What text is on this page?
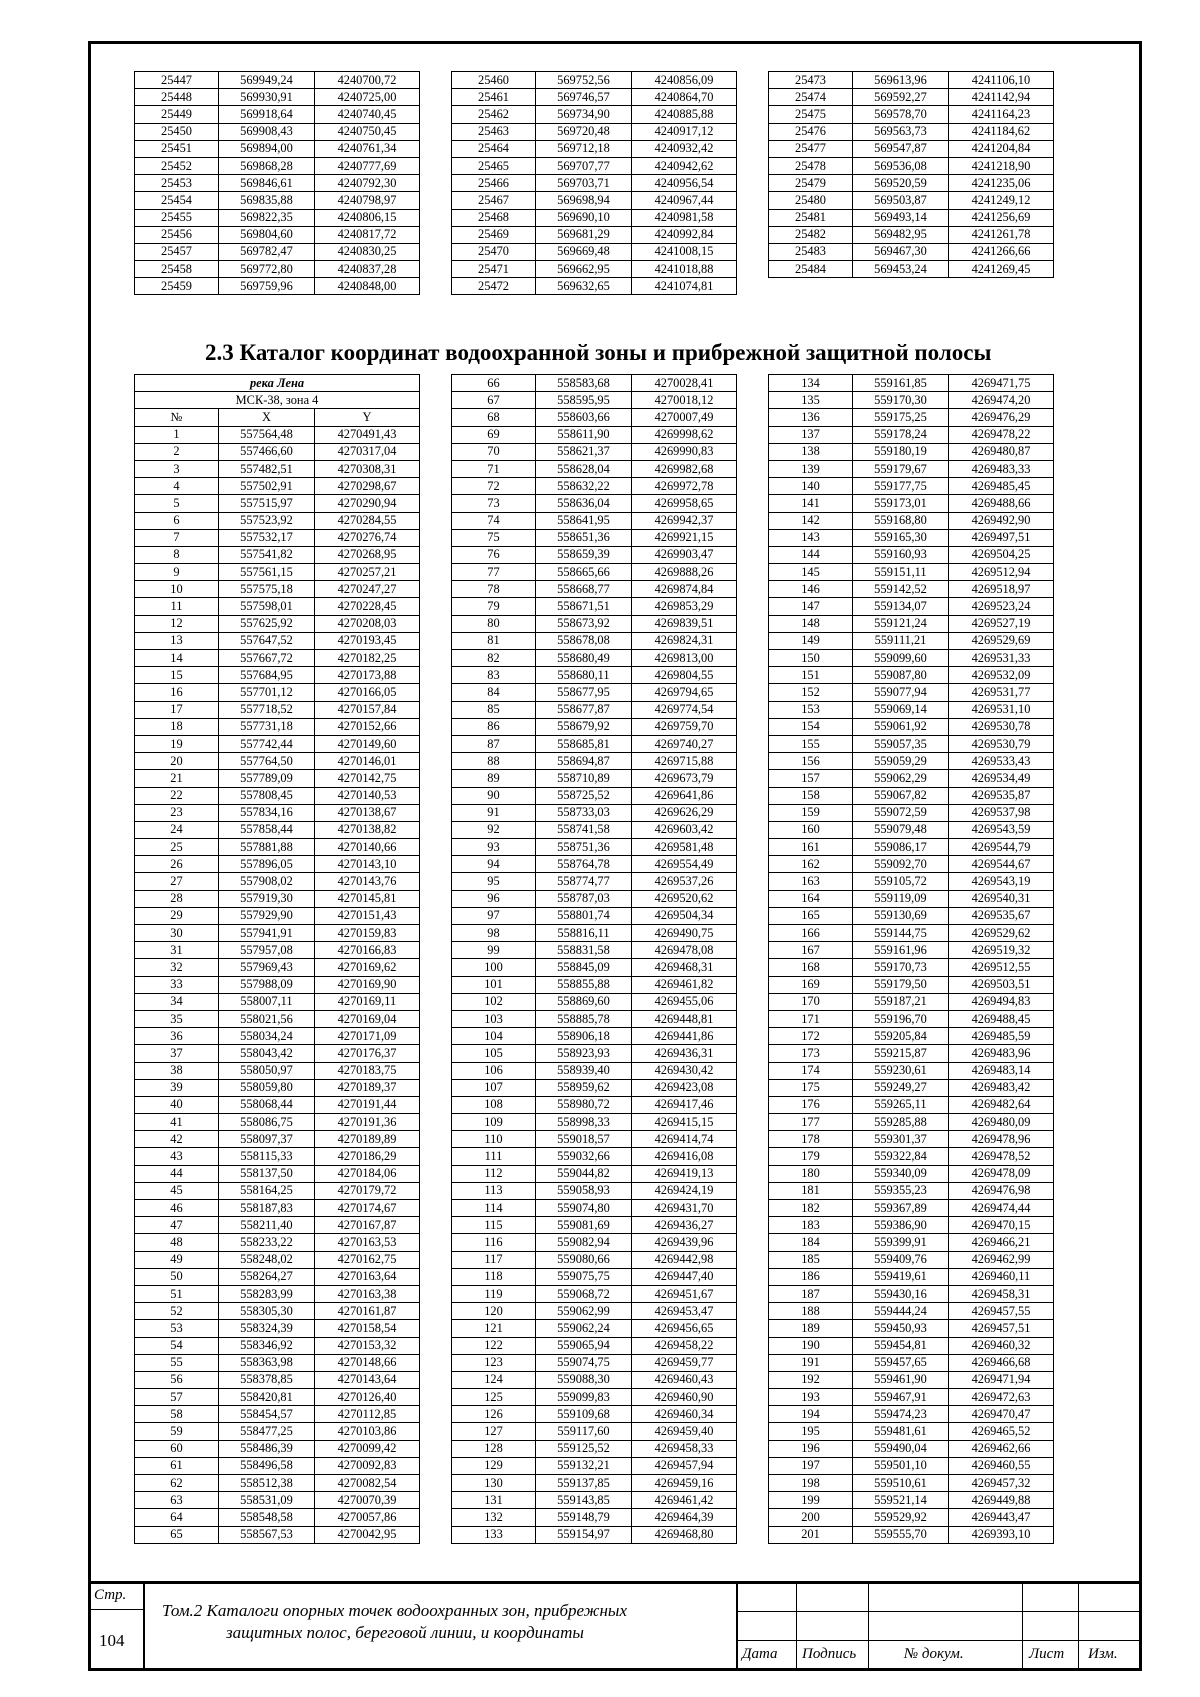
25447	569949,24	4240700,72
25448	569930,91	4240725,00
25449	569918,64	4240740,45
25450	569908,43	4240750,45
25451	569894,00	4240761,34
25452	569868,28	4240777,69
25453	569846,61	4240792,30
25454	569835,88	4240798,97
25455	569822,35	4240806,15
25456	569804,60	4240817,72
25457	569782,47	4240830,25
25458	569772,80	4240837,28
25459	569759,96	4240848,00
25460	569752,56	4240856,09
25461	569746,57	4240864,70
25462	569734,90	4240885,88
25463	569720,48	4240917,12
25464	569712,18	4240932,42
25465	569707,77	4240942,62
25466	569703,71	4240956,54
25467	569698,94	4240967,44
25468	569690,10	4240981,58
25469	569681,29	4240992,84
25470	569669,48	4241008,15
25471	569662,95	4241018,88
25472	569632,65	4241074,81
25473	569613,96	4241106,10
25474	569592,27	4241142,94
25475	569578,70	4241164,23
25476	569563,73	4241184,62
25477	569547,87	4241204,84
25478	569536,08	4241218,90
25479	569520,59	4241235,06
25480	569503,87	4241249,12
25481	569493,14	4241256,69
25482	569482,95	4241261,78
25483	569467,30	4241266,66
25484	569453,24	4241269,45
2.3 Каталог координат водоохранной зоны и прибрежной защитной полосы
река Лена		
МСК-38, зона 4		
№	X	Y
1	557564,48	4270491,43
2	557466,60	4270317,04
3	557482,51	4270308,31
4	557502,91	4270298,67
5	557515,97	4270290,94
6	557523,92	4270284,55
7	557532,17	4270276,74
8	557541,82	4270268,95
9	557561,15	4270257,21
10	557575,18	4270247,27
11	557598,01	4270228,45
12	557625,92	4270208,03
13	557647,52	4270193,45
14	557667,72	4270182,25
15	557684,95	4270173,88
16	557701,12	4270166,05
17	557718,52	4270157,84
18	557731,18	4270152,66
19	557742,44	4270149,60
20	557764,50	4270146,01
21	557789,09	4270142,75
22	557808,45	4270140,53
23	557834,16	4270138,67
24	557858,44	4270138,82
25	557881,88	4270140,66
26	557896,05	4270143,10
27	557908,02	4270143,76
28	557919,30	4270145,81
29	557929,90	4270151,43
30	557941,91	4270159,83
31	557957,08	4270166,83
32	557969,43	4270169,62
33	557988,09	4270169,90
34	558007,11	4270169,11
35	558021,56	4270169,04
36	558034,24	4270171,09
37	558043,42	4270176,37
38	558050,97	4270183,75
39	558059,80	4270189,37
40	558068,44	4270191,44
41	558086,75	4270191,36
42	558097,37	4270189,89
43	558115,33	4270186,29
44	558137,50	4270184,06
45	558164,25	4270179,72
46	558187,83	4270174,67
47	558211,40	4270167,87
48	558233,22	4270163,53
49	558248,02	4270162,75
50	558264,27	4270163,64
51	558283,99	4270163,38
52	558305,30	4270161,87
53	558324,39	4270158,54
54	558346,92	4270153,32
55	558363,98	4270148,66
56	558378,85	4270143,64
57	558420,81	4270126,40
58	558454,57	4270112,85
59	558477,25	4270103,86
60	558486,39	4270099,42
61	558496,58	4270092,83
62	558512,38	4270082,54
63	558531,09	4270070,39
64	558548,58	4270057,86
65	558567,53	4270042,95
66	558583,68	4270028,41
67	558595,95	4270018,12
68	558603,66	4270007,49
69	558611,90	4269998,62
70	558621,37	4269990,83
71	558628,04	4269982,68
72	558632,22	4269972,78
73	558636,04	4269958,65
74	558641,95	4269942,37
75	558651,36	4269921,15
76	558659,39	4269903,47
77	558665,66	4269888,26
78	558668,77	4269874,84
79	558671,51	4269853,29
80	558673,92	4269839,51
81	558678,08	4269824,31
82	558680,49	4269813,00
83	558680,11	4269804,55
84	558677,95	4269794,65
85	558677,87	4269774,54
86	558679,92	4269759,70
87	558685,81	4269740,27
88	558694,87	4269715,88
89	558710,89	4269673,79
90	558725,52	4269641,86
91	558733,03	4269626,29
92	558741,58	4269603,42
93	558751,36	4269581,48
94	558764,78	4269554,49
95	558774,77	4269537,26
96	558787,03	4269520,62
97	558801,74	4269504,34
98	558816,11	4269490,75
99	558831,58	4269478,08
100	558845,09	4269468,31
101	558855,88	4269461,82
102	558869,60	4269455,06
103	558885,78	4269448,81
104	558906,18	4269441,86
105	558923,93	4269436,31
106	558939,40	4269430,42
107	558959,62	4269423,08
108	558980,72	4269417,46
109	558998,33	4269415,15
110	559018,57	4269414,74
111	559032,66	4269416,08
112	559044,82	4269419,13
113	559058,93	4269424,19
114	559074,80	4269431,70
115	559081,69	4269436,27
116	559082,94	4269439,96
117	559080,66	4269442,98
118	559075,75	4269447,40
119	559068,72	4269451,67
120	559062,99	4269453,47
121	559062,24	4269456,65
122	559065,94	4269458,22
123	559074,75	4269459,77
124	559088,30	4269460,43
125	559099,83	4269460,90
126	559109,68	4269460,34
127	559117,60	4269459,40
128	559125,52	4269458,33
129	559132,21	4269457,94
130	559137,85	4269459,16
131	559143,85	4269461,42
132	559148,79	4269464,39
133	559154,97	4269468,80
134	559161,85	4269471,75
135	559170,30	4269474,20
136	559175,25	4269476,29
137	559178,24	4269478,22
138	559180,19	4269480,87
139	559179,67	4269483,33
140	559177,75	4269485,45
141	559173,01	4269488,66
142	559168,80	4269492,90
143	559165,30	4269497,51
144	559160,93	4269504,25
145	559151,11	4269512,94
146	559142,52	4269518,97
147	559134,07	4269523,24
148	559121,24	4269527,19
149	559111,21	4269529,69
150	559099,60	4269531,33
151	559087,80	4269532,09
152	559077,94	4269531,77
153	559069,14	4269531,10
154	559061,92	4269530,78
155	559057,35	4269530,79
156	559059,29	4269533,43
157	559062,29	4269534,49
158	559067,82	4269535,87
159	559072,59	4269537,98
160	559079,48	4269543,59
161	559086,17	4269544,79
162	559092,70	4269544,67
163	559105,72	4269543,19
164	559119,09	4269540,31
165	559130,69	4269535,67
166	559144,75	4269529,62
167	559161,96	4269519,32
168	559170,73	4269512,55
169	559179,50	4269503,51
170	559187,21	4269494,83
171	559196,70	4269488,45
172	559205,84	4269485,59
173	559215,87	4269483,96
174	559230,61	4269483,14
175	559249,27	4269483,42
176	559265,11	4269482,64
177	559285,88	4269480,09
178	559301,37	4269478,96
179	559322,84	4269478,52
180	559340,09	4269478,09
181	559355,23	4269476,98
182	559367,89	4269474,44
183	559386,90	4269470,15
184	559399,91	4269466,21
185	559409,76	4269462,99
186	559419,61	4269460,11
187	559430,16	4269458,31
188	559444,24	4269457,55
189	559450,93	4269457,51
190	559454,81	4269460,32
191	559457,65	4269466,68
192	559461,90	4269471,94
193	559467,91	4269472,63
194	559474,23	4269470,47
195	559481,61	4269465,52
196	559490,04	4269462,66
197	559501,10	4269460,55
198	559510,61	4269457,32
199	559521,14	4269449,88
200	559529,92	4269443,47
201	559555,70	4269393,10
Стр.
104
Том.2 Каталоги опорных точек водоохранных зон, прибрежных
защитных полос, береговой линии, и координаты
Дата Подпись	№ докум.	Лист Изм.
